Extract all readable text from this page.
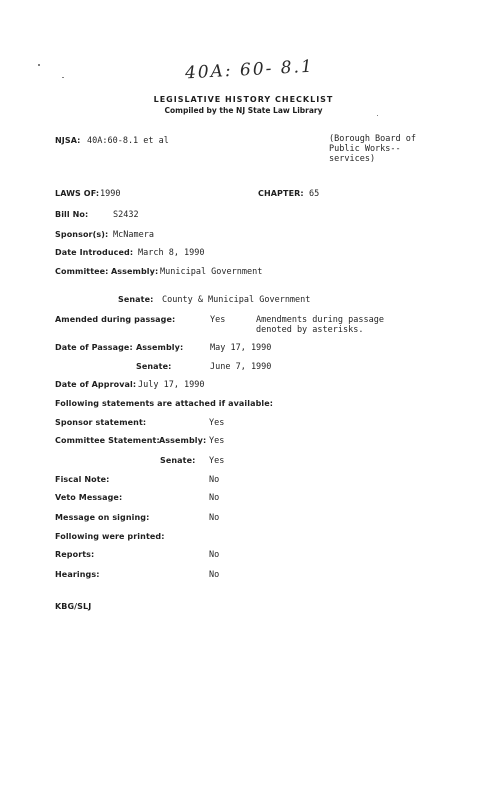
40A: 60- 8.1
LEGISLATIVE HISTORY CHECKLIST
Compiled by the NJ State Law Library
NJSA: 40A:60-8.1 et al	(Borough Board of
Public Works--
services)
LAWS OF: 1990	CHAPTER: 65
Bill No:	S2432
Sponsor(s): McNamera
Date Introduced: March 8, 1990
Committee: Assembly: Municipal Government
Senate: County & Municipal Government
Amended during passage:	Yes	Amendments during passage
denoted by asterisks.
Date of Passage: Assembly:	May 17, 1990
Senate:	June 7, 1990
Date of Approval: July 17, 1990
Following statements are attached if available:
Sponsor statement:	Yes
Committee Statement: Assembly: Yes
Senate: Yes
Fiscal Note:	No
Veto Message:	No
Message on signing:	No
Following were printed:
Reports:	No
Hearings:	No
KBG/SLJ
